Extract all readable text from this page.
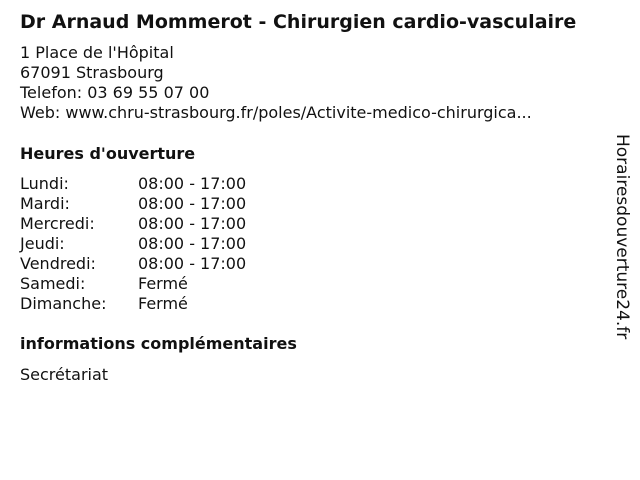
Dr Arnaud Mommerot - Chirurgien cardio-vasculaire
1 Place de l'Hôpital
67091 Strasbourg
Telefon: 03 69 55 07 00
Web: www.chru-strasbourg.fr/poles/Activite-medico-chirurgica...
Heures d'ouverture
Lundi:	08:00 - 17:00
Mardi:	08:00 - 17:00
Mercredi:	08:00 - 17:00
Jeudi:	08:00 - 17:00
Vendredi:	08:00 - 17:00
Samedi:	Fermé
Dimanche:	Fermé
informations complémentaires
Secrétariat
Horairesdouverture24.fr
